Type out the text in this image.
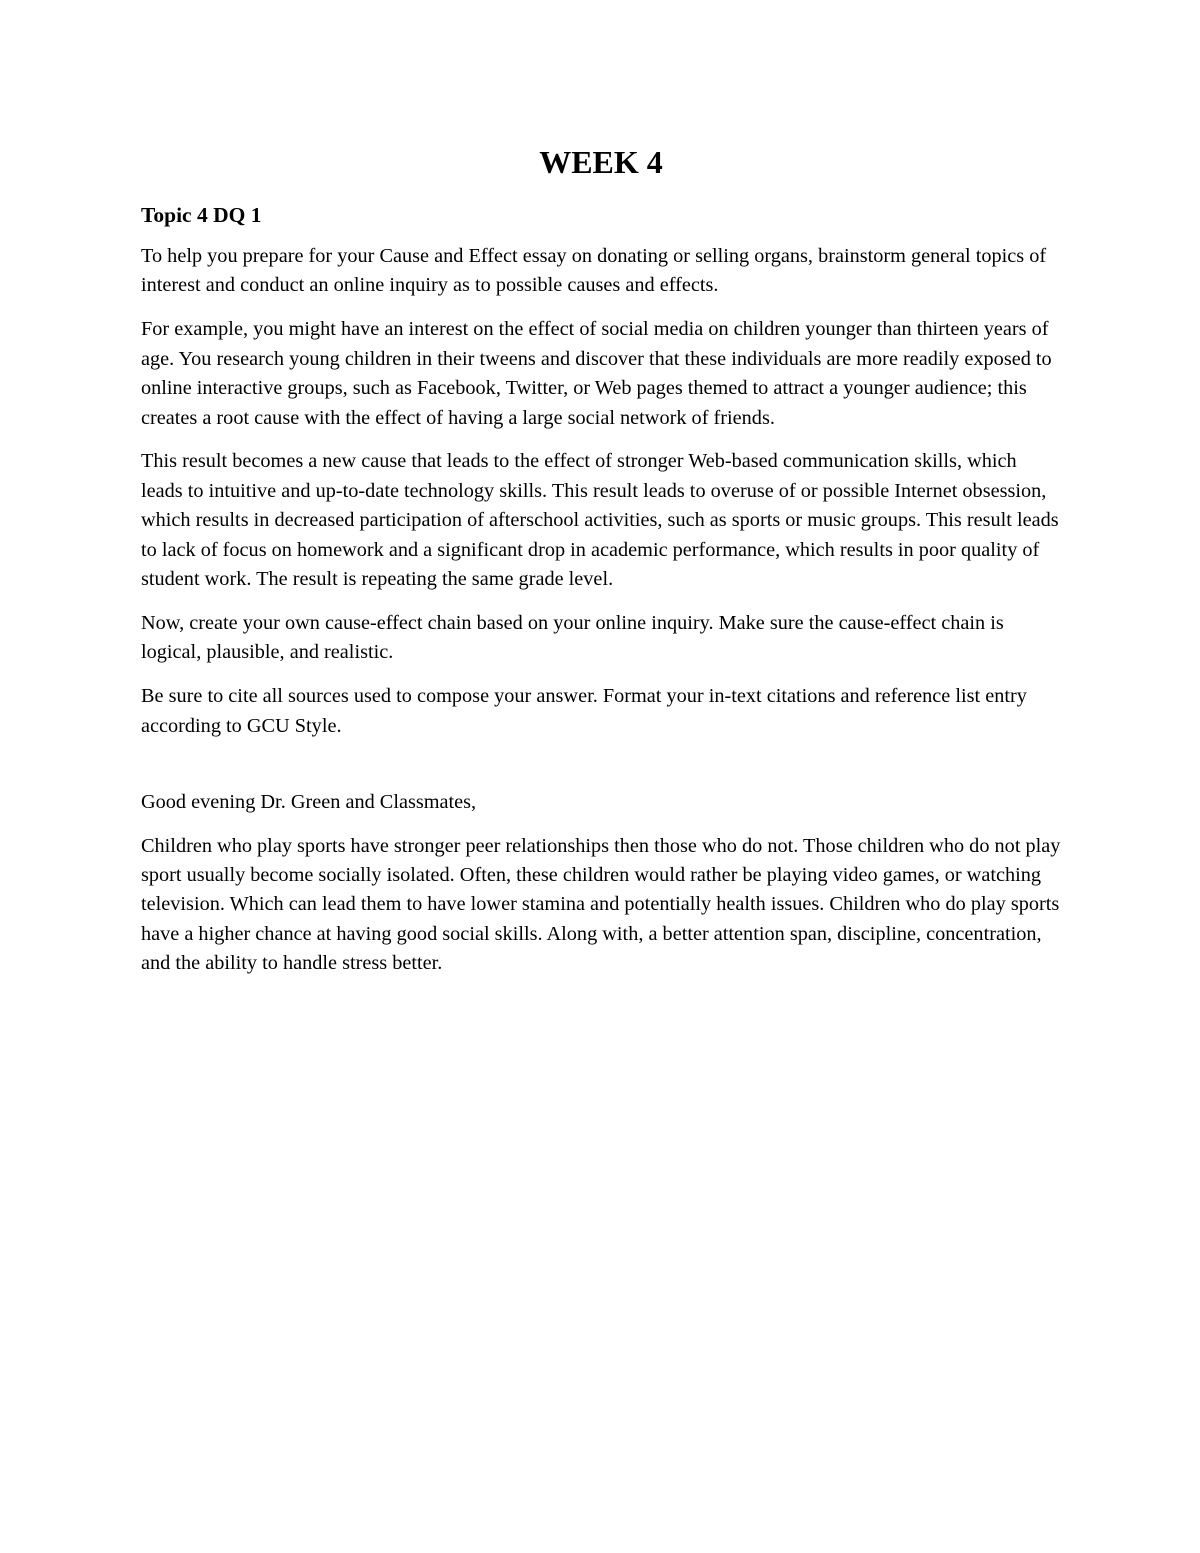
WEEK 4
Topic 4 DQ 1

To help you prepare for your Cause and Effect essay on donating or selling organs, brainstorm general topics of interest and conduct an online inquiry as to possible causes and effects.

For example, you might have an interest on the effect of social media on children younger than thirteen years of age. You research young children in their tweens and discover that these individuals are more readily exposed to online interactive groups, such as Facebook, Twitter, or Web pages themed to attract a younger audience; this creates a root cause with the effect of having a large social network of friends.

This result becomes a new cause that leads to the effect of stronger Web-based communication skills, which leads to intuitive and up-to-date technology skills. This result leads to overuse of or possible Internet obsession, which results in decreased participation of afterschool activities, such as sports or music groups. This result leads to lack of focus on homework and a significant drop in academic performance, which results in poor quality of student work. The result is repeating the same grade level.

Now, create your own cause-effect chain based on your online inquiry. Make sure the cause-effect chain is logical, plausible, and realistic.

Be sure to cite all sources used to compose your answer. Format your in-text citations and reference list entry according to GCU Style.

Good evening Dr. Green and Classmates,

Children who play sports have stronger peer relationships then those who do not. Those children who do not play sport usually become socially isolated. Often, these children would rather be playing video games, or watching television. Which can lead them to have lower stamina and potentially health issues. Children who do play sports have a higher chance at having good social skills. Along with, a better attention span, discipline, concentration, and the ability to handle stress better.
